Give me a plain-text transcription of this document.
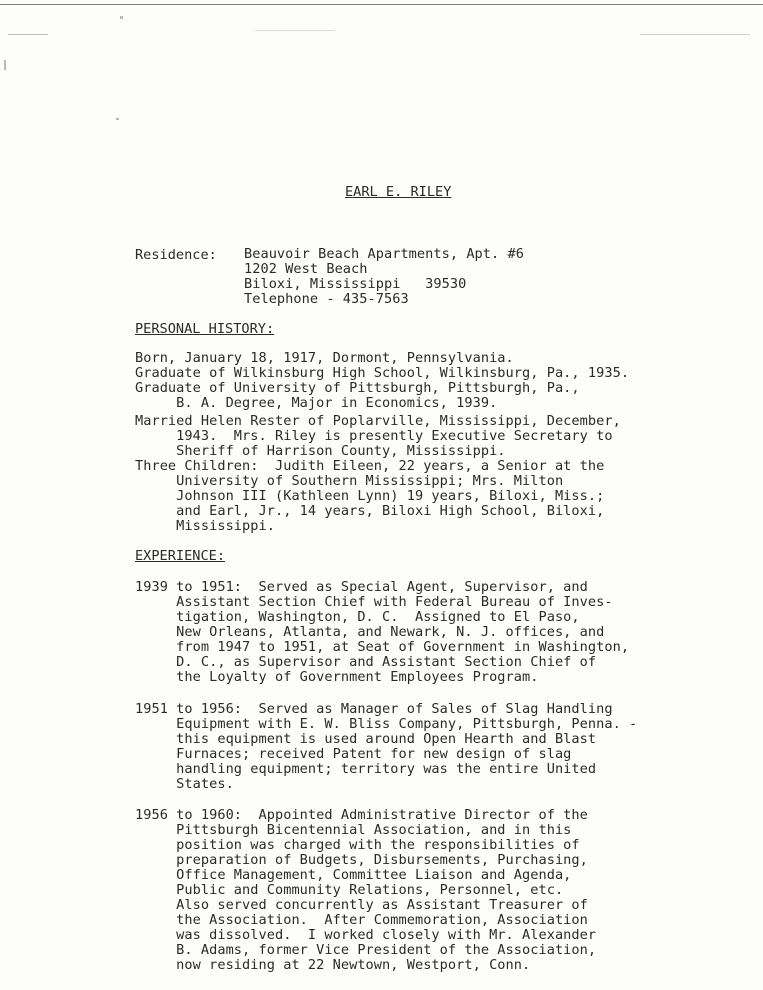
EARL E. RILEY
Residence: Beauvoir Beach Apartments, Apt. #6
1202 West Beach
Biloxi, Mississippi   39530
Telephone - 435-7563
PERSONAL HISTORY:
Born, January 18, 1917, Dormont, Pennsylvania.
Graduate of Wilkinsburg High School, Wilkinsburg, Pa., 1935.
Graduate of University of Pittsburgh, Pittsburgh, Pa.,
B. A. Degree, Major in Economics, 1939.
Married Helen Rester of Poplarville, Mississippi, December,
1943.  Mrs. Riley is presently Executive Secretary to
Sheriff of Harrison County, Mississippi.
Three Children:  Judith Eileen, 22 years, a Senior at the
University of Southern Mississippi; Mrs. Milton
Johnson III (Kathleen Lynn) 19 years, Biloxi, Miss.;
and Earl, Jr., 14 years, Biloxi High School, Biloxi,
Mississippi.
EXPERIENCE:
1939 to 1951:  Served as Special Agent, Supervisor, and
Assistant Section Chief with Federal Bureau of Inves-
tigation, Washington, D. C.  Assigned to El Paso,
New Orleans, Atlanta, and Newark, N. J. offices, and
from 1947 to 1951, at Seat of Government in Washington,
D. C., as Supervisor and Assistant Section Chief of
the Loyalty of Government Employees Program.
1951 to 1956:  Served as Manager of Sales of Slag Handling
Equipment with E. W. Bliss Company, Pittsburgh, Penna. -
this equipment is used around Open Hearth and Blast
Furnaces; received Patent for new design of slag
handling equipment; territory was the entire United
States.
1956 to 1960:  Appointed Administrative Director of the
Pittsburgh Bicentennial Association, and in this
position was charged with the responsibilities of
preparation of Budgets, Disbursements, Purchasing,
Office Management, Committee Liaison and Agenda,
Public and Community Relations, Personnel, etc.
Also served concurrently as Assistant Treasurer of
the Association.  After Commemoration, Association
was dissolved.  I worked closely with Mr. Alexander
B. Adams, former Vice President of the Association,
now residing at 22 Newtown, Westport, Conn.
